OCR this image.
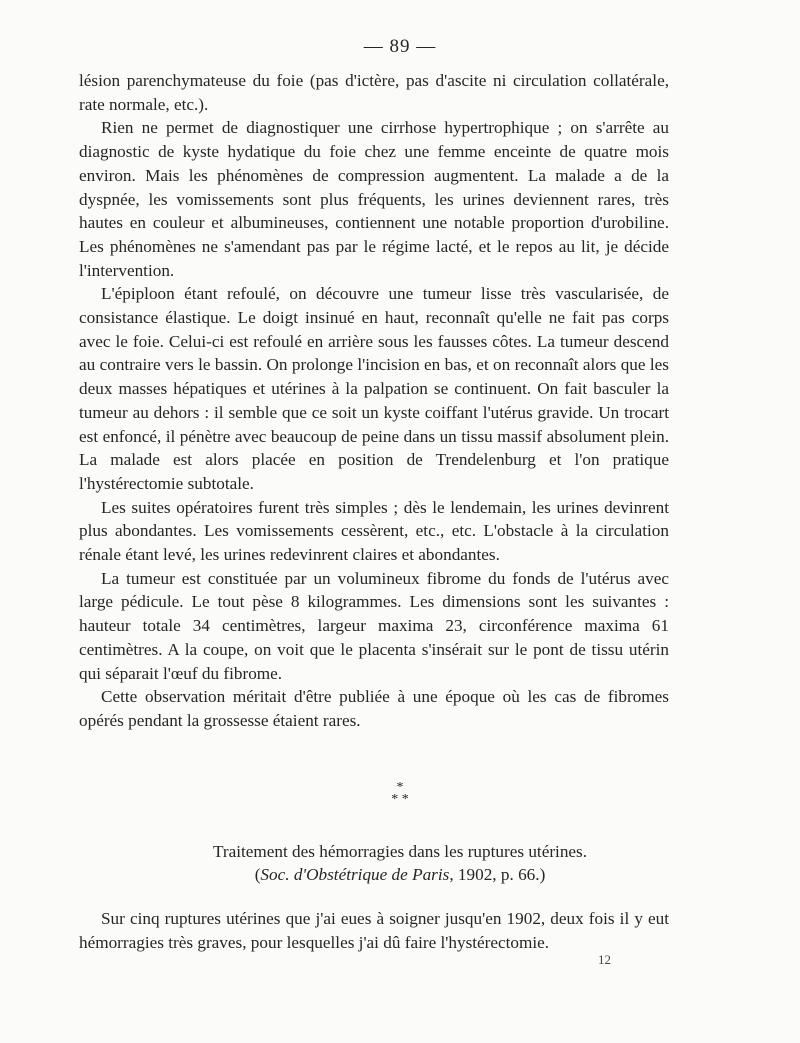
— 89 —

lésion parenchymateuse du foie (pas d'ictère, pas d'ascite ni circulation collatérale, rate normale, etc.).

Rien ne permet de diagnostiquer une cirrhose hypertrophique ; on s'arrête au diagnostic de kyste hydatique du foie chez une femme enceinte de quatre mois environ. Mais les phénomènes de compression augmentent. La malade a de la dyspnée, les vomissements sont plus fréquents, les urines deviennent rares, très hautes en couleur et albumineuses, contiennent une notable proportion d'urobiline. Les phénomènes ne s'amendant pas par le régime lacté, et le repos au lit, je décide l'intervention.

L'épiploon étant refoulé, on découvre une tumeur lisse très vascularisée, de consistance élastique. Le doigt insinué en haut, reconnaît qu'elle ne fait pas corps avec le foie. Celui-ci est refoulé en arrière sous les fausses côtes. La tumeur descend au contraire vers le bassin. On prolonge l'incision en bas, et on reconnaît alors que les deux masses hépatiques et utérines à la palpation se continuent. On fait basculer la tumeur au dehors : il semble que ce soit un kyste coiffant l'utérus gravide. Un trocart est enfoncé, il pénètre avec beaucoup de peine dans un tissu massif absolument plein. La malade est alors placée en position de Trendelenburg et l'on pratique l'hystérectomie subtotale.

Les suites opératoires furent très simples ; dès le lendemain, les urines devinrent plus abondantes. Les vomissements cessèrent, etc., etc. L'obstacle à la circulation rénale étant levé, les urines redevinrent claires et abondantes.

La tumeur est constituée par un volumineux fibrome du fonds de l'utérus avec large pédicule. Le tout pèse 8 kilogrammes. Les dimensions sont les suivantes : hauteur totale 34 centimètres, largeur maxima 23, circonférence maxima 61 centimètres. A la coupe, on voit que le placenta s'insérait sur le pont de tissu utérin qui séparait l'œuf du fibrome.

Cette observation méritait d'être publiée à une époque où les cas de fibromes opérés pendant la grossesse étaient rares.

*
* *
Traitement des hémorragies dans les ruptures utérines.
(Soc. d'Obstétrique de Paris, 1902, p. 66.)

Sur cinq ruptures utérines que j'ai eues à soigner jusqu'en 1902, deux fois il y eut hémorragies très graves, pour lesquelles j'ai dû faire l'hystérectomie.

12
